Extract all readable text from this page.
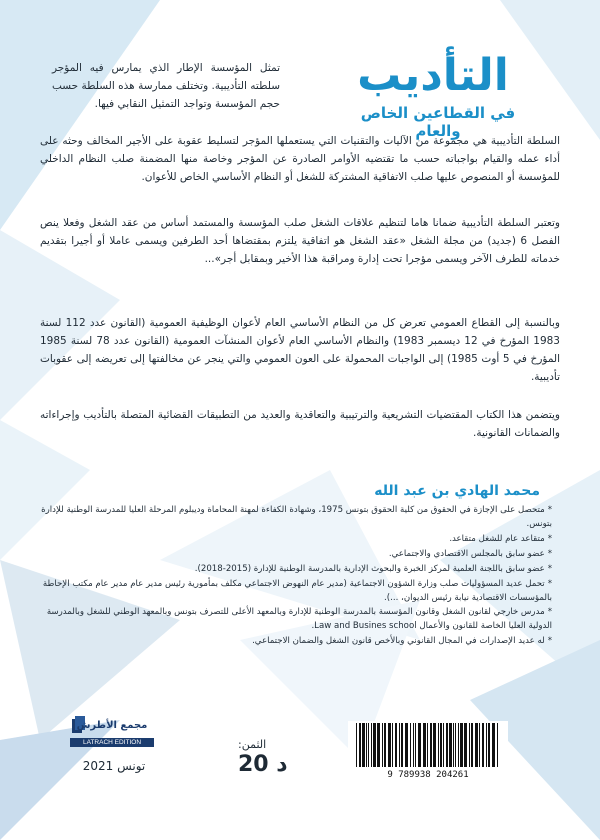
التأديب
في القطاعين الخاص والعام
تمثل المؤسسة الإطار الذي يمارس فيه المؤجر سلطته التأديبية. وتختلف ممارسة هذه السلطة حسب حجم المؤسسة وتواجد التمثيل النقابي فيها.
السلطة التأديبية هي مجموعة من الآليات والتقنيات التي يستعملها المؤجر لتسليط عقوبة على الأجير المخالف وحثه على أداء عمله والقيام بواجباته حسب ما تقتضيه الأوامر الصادرة عن المؤجر وخاصة منها المضمنة صلب النظام الداخلي للمؤسسة أو المنصوص عليها صلب الاتفاقية المشتركة للشغل أو النظام الأساسي الخاص للأعوان.
وتعتبر السلطة التأديبية ضمانا هاما لتنظيم علاقات الشغل صلب المؤسسة والمستمد أساس من عقد الشغل وفعلا ينص الفصل 6 (جديد) من مجلة الشغل «عقد الشغل هو اتفاقية يلتزم بمقتضاها أحد الطرفين ويسمى عاملا أو أجيرا بتقديم خدماته للطرف الآخر ويسمى مؤجرا تحت إدارة ومراقبة هذا الأخير وبمقابل أجر»...
وبالنسبة إلى القطاع العمومي تعرض كل من النظام الأساسي العام لأعوان الوظيفية العمومية (القانون عدد 112 لسنة 1983 المؤرخ في 12 ديسمبر 1983) والنظام الأساسي العام لأعوان المنشآت العمومية (القانون عدد 78 لسنة 1985 المؤرخ في 5 أوت 1985) إلى الواجبات المحمولة على العون العمومي والتي ينجر عن مخالفتها إلى تعريضه إلى عقوبات تأديبية.
ويتضمن هذا الكتاب المقتضيات التشريعية والترتيبية والتعاقدية والعديد من التطبيقات القضائية المتصلة بالتأديب وإجراءاته والضمانات القانونية.
محمد الهادي بن عبد الله
* متحصل على الإجازة في الحقوق من كلية الحقوق بتونس 1975، وشهادة الكفاءة لمهنة المحاماة وديبلوم المرحلة العليا للمدرسة الوطنية للإدارة بتونس.
* متقاعد عام للشغل متقاعد.
* عضو سابق بالمجلس الاقتصادي والاجتماعي.
* عضو سابق باللجنة العلمية لمركز الخبرة والبحوث الإدارية بالمدرسة الوطنية للإدارة (2015-2018).
* تحمل عديد المسؤوليات صلب وزارة الشؤون الاجتماعية (مدير عام النهوض الاجتماعي مكلف بمأمورية رئيس مدير عام مدير عام مكتب الإحاطة بالمؤسسات الاقتصادية نيابة رئيس الديوان، ...).
* مدرس خارجي لقانون الشغل وقانون المؤسسة بالمدرسة الوطنية للإدارة وبالمعهد الأعلى للتصرف بتونس وبالمعهد الوطني للشغل وبالمدرسة الدولية العليا الخاصة للقانون والأعمال Law and Busines school.
* له عديد الإصدارات في المجال القانوني وبالأخص قانون الشغل والضمان الاجتماعي.
مجمع الأطرش
LATRACH EDITION
تونس 2021
الثمن:
20 د	9 789938 204261
